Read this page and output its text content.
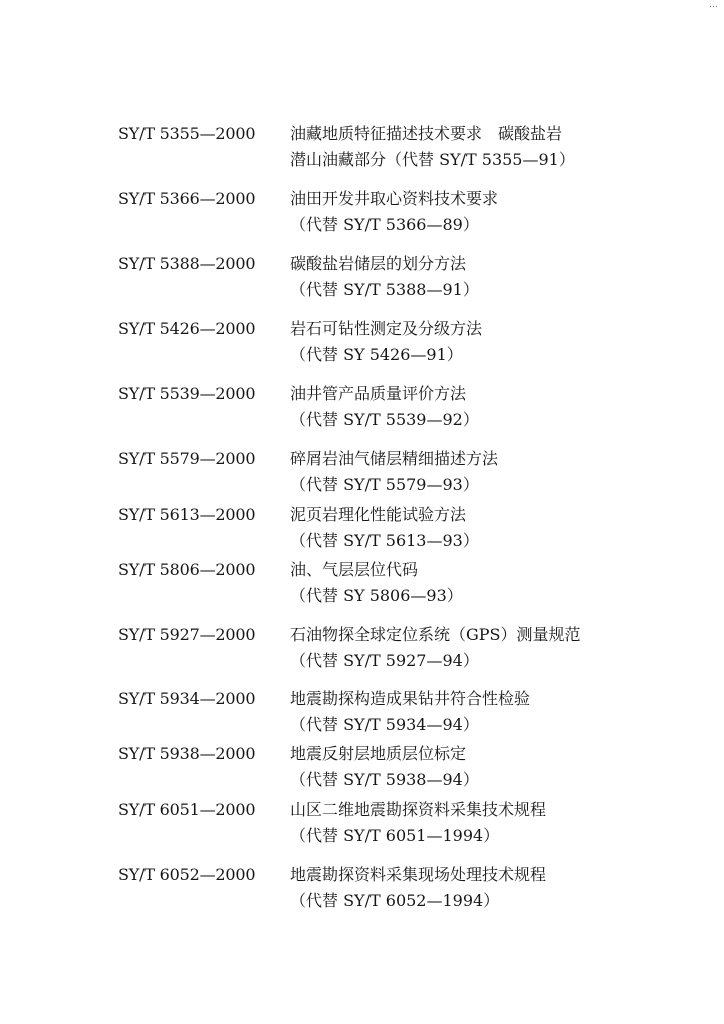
…
SY/T 5355—2000	油藏地质特征描述技术要求　碳酸盐岩
潜山油藏部分（代替 SY/T 5355—91）
SY/T 5366—2000	油田开发井取心资料技术要求
（代替 SY/T 5366—89）
SY/T 5388—2000	碳酸盐岩储层的划分方法
（代替 SY/T 5388—91）
SY/T 5426—2000	岩石可钻性测定及分级方法
（代替 SY 5426—91）
SY/T 5539—2000	油井管产品质量评价方法
（代替 SY/T 5539—92）
SY/T 5579—2000	碎屑岩油气储层精细描述方法
（代替 SY/T 5579—93）
SY/T 5613—2000	泥页岩理化性能试验方法
（代替 SY/T 5613—93）
SY/T 5806—2000	油、气层层位代码
（代替 SY 5806—93）
SY/T 5927—2000	石油物探全球定位系统（GPS）测量规范
（代替 SY/T 5927—94）
SY/T 5934—2000	地震勘探构造成果钻井符合性检验
（代替 SY/T 5934—94）
SY/T 5938—2000	地震反射层地质层位标定
（代替 SY/T 5938—94）
SY/T 6051—2000	山区二维地震勘探资料采集技术规程
（代替 SY/T 6051—1994）
SY/T 6052—2000	地震勘探资料采集现场处理技术规程
（代替 SY/T 6052—1994）
